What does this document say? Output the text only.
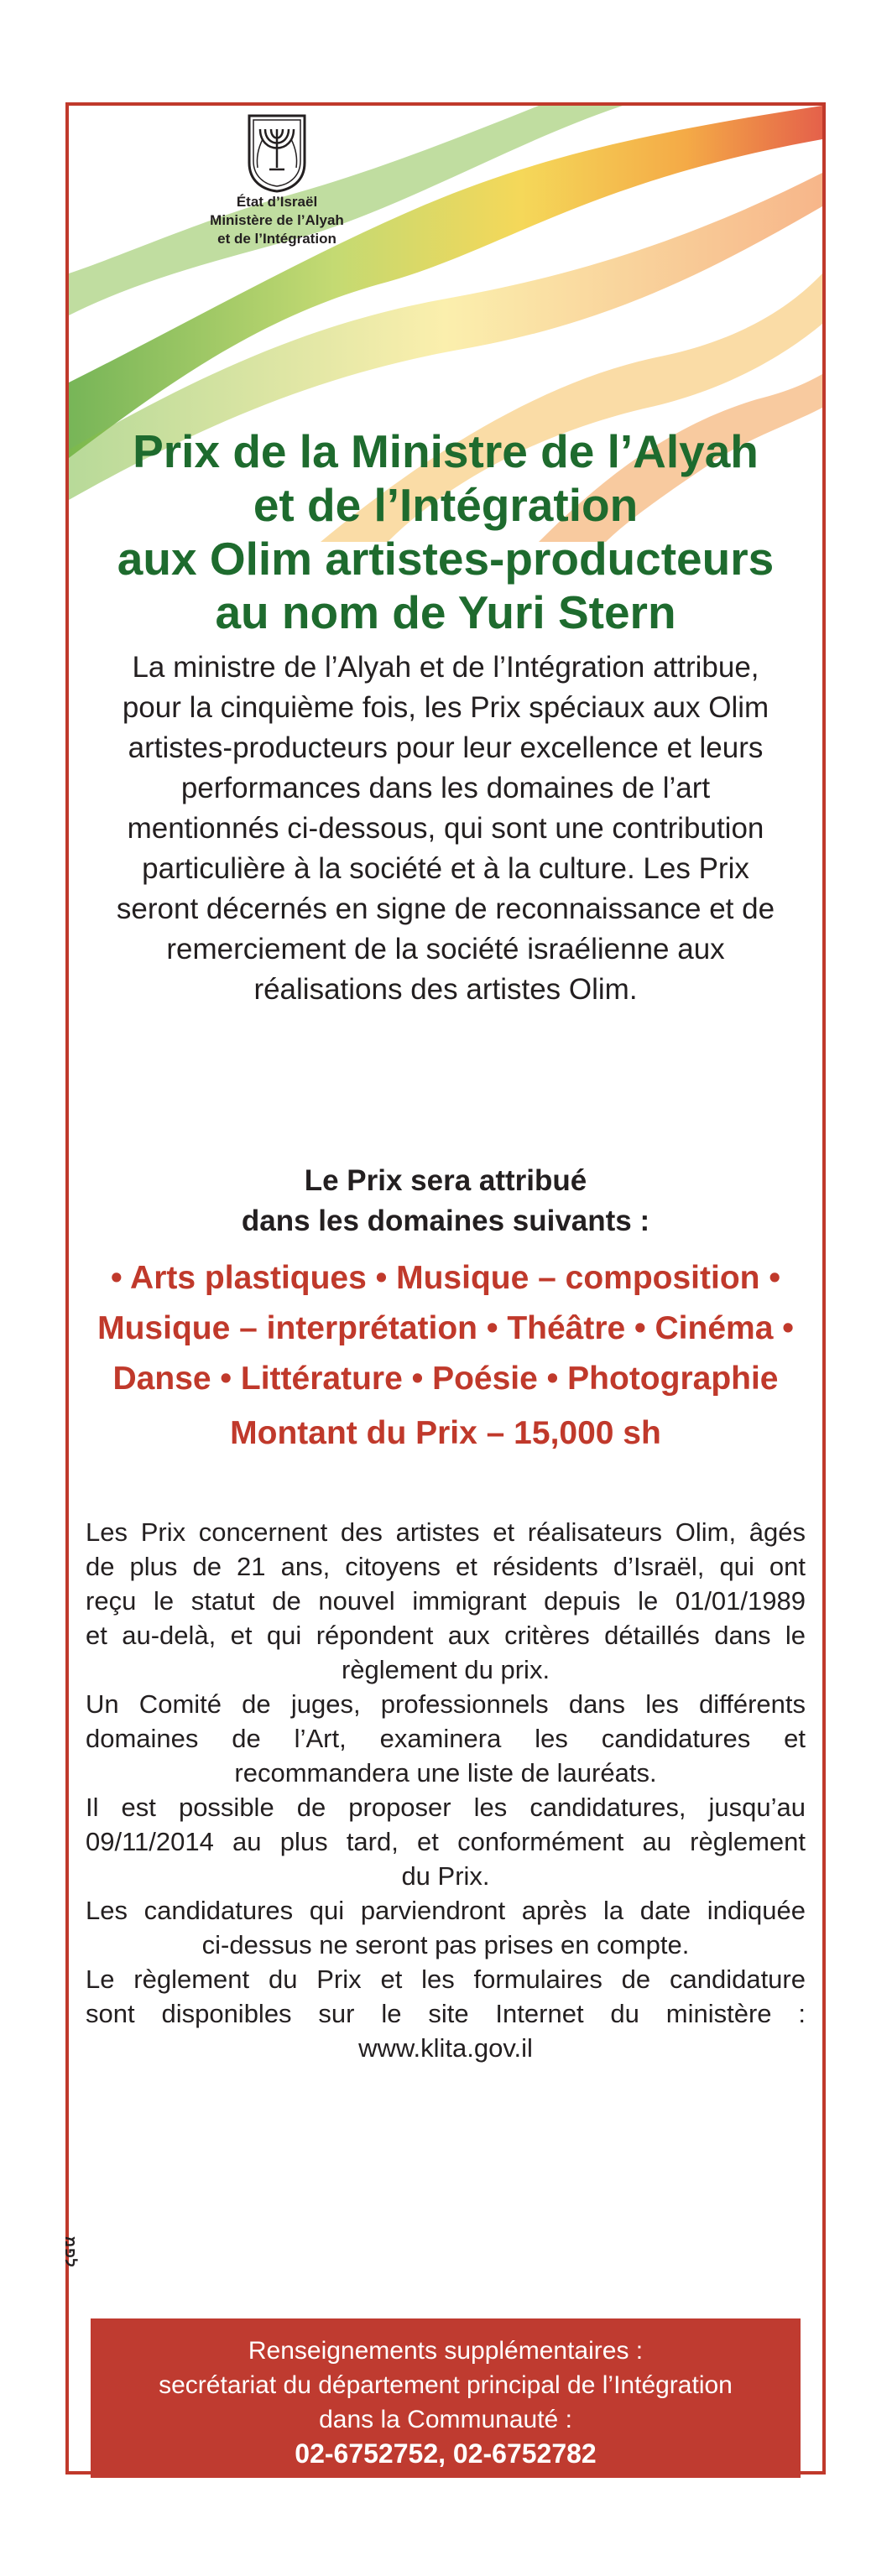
État d’Israël
Ministère de l’Alyah
et de l’Intégration
Prix de la Ministre de l’Alyah
et de l’Intégration
aux Olim artistes-producteurs
au nom de Yuri Stern
La ministre de l’Alyah et de l’Intégration attribue,
pour la cinquième fois, les Prix spéciaux aux Olim
artistes-producteurs pour leur excellence et leurs
performances dans les domaines de l’art
mentionnés ci-dessous, qui sont une contribution
particulière à la société et à la culture. Les Prix
seront décernés en signe de reconnaissance et de
remerciement de la société israélienne aux
réalisations des artistes Olim.
Le Prix sera attribué
dans les domaines suivants :
• Arts plastiques • Musique – composition •
Musique – interprétation • Théâtre • Cinéma •
Danse • Littérature • Poésie • Photographie
Montant du Prix – 15,000 sh
Les Prix concernent des artistes et réalisateurs Olim, âgés
de plus de 21 ans, citoyens et résidents d’Israël, qui ont
reçu le statut de nouvel immigrant depuis le 01/01/1989
et au-delà, et qui répondent aux critères détaillés dans le
règlement du prix.
Un Comité de juges, professionnels dans les différents
domaines de l’Art, examinera les candidatures et
recommandera une liste de lauréats.
Il est possible de proposer les candidatures, jusqu’au
09/11/2014 au plus tard, et conformément au règlement
du Prix.
Les candidatures qui parviendront après la date indiquée
ci-dessus ne seront pas prises en compte.
Le règlement du Prix et les formulaires de candidature
sont disponibles sur le site Internet du ministère :
www.klita.gov.il
לפמ
Renseignements supplémentaires :
secrétariat du département principal de l’Intégration
dans la Communauté :
02-6752752, 02-6752782
